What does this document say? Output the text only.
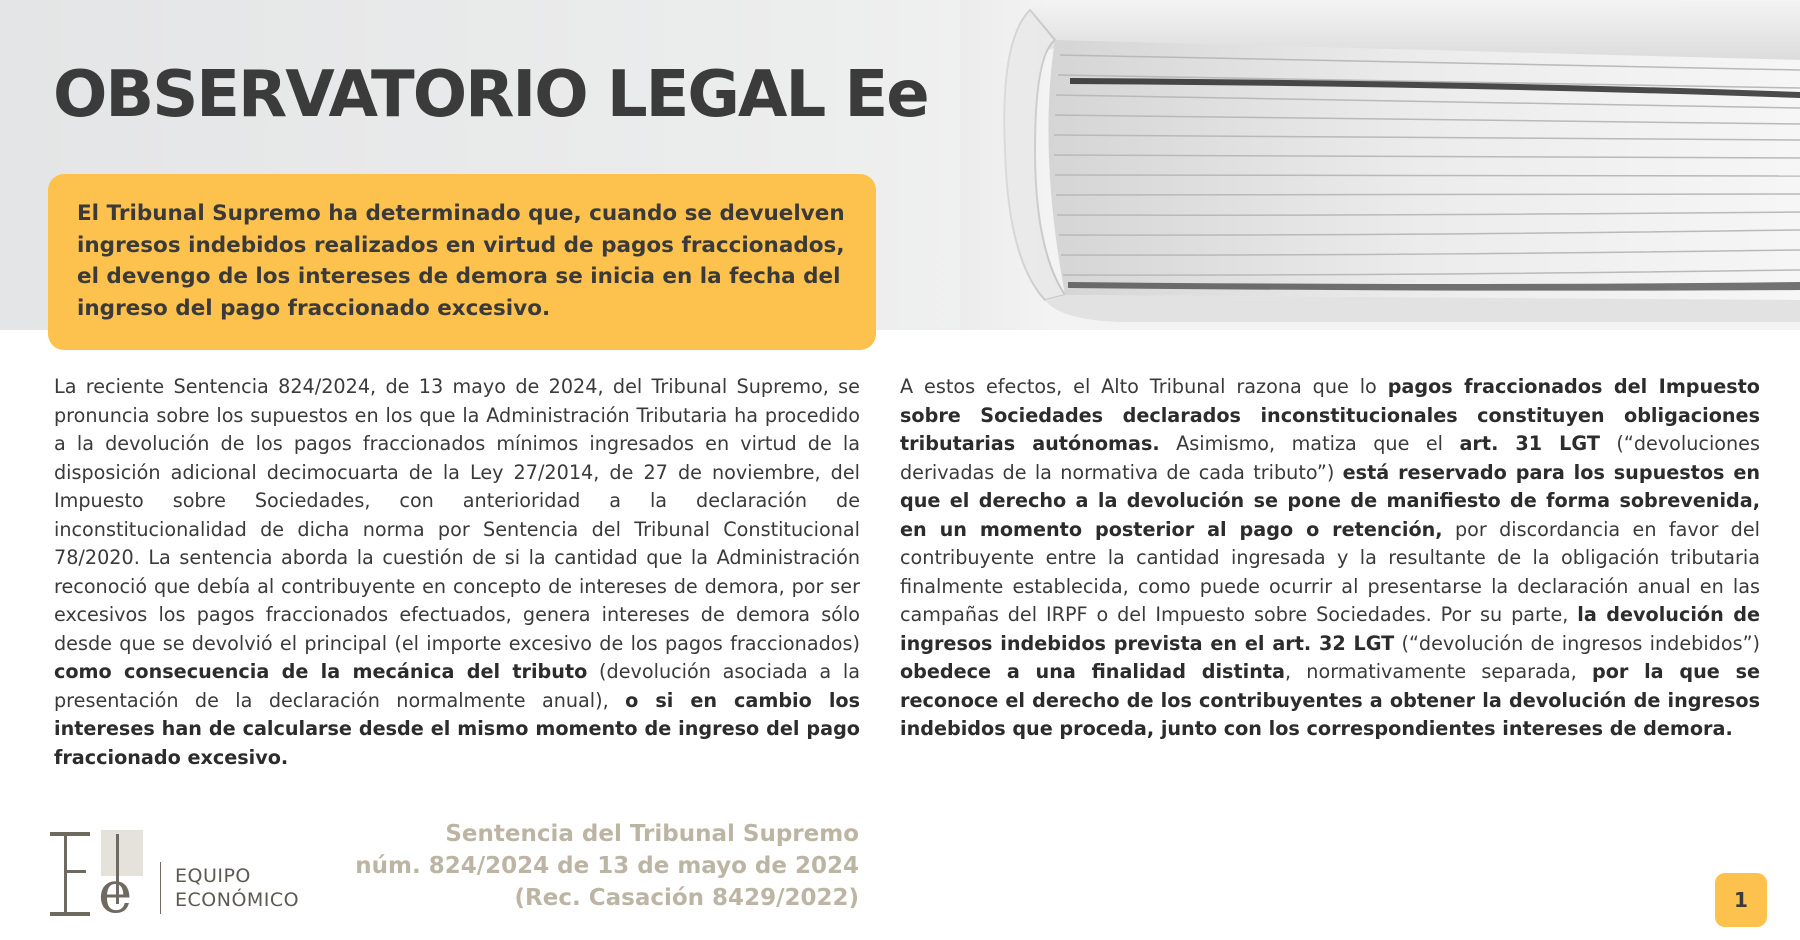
OBSERVATORIO LEGAL Ee

El Tribunal Supremo ha determinado que, cuando se devuelven ingresos indebidos realizados en virtud de pagos fraccionados, el devengo de los intereses de demora se inicia en la fecha del ingreso del pago fraccionado excesivo.

La reciente Sentencia 824/2024, de 13 mayo de 2024, del Tribunal Supremo, se pronuncia sobre los supuestos en los que la Administración Tributaria ha procedido a la devolución de los pagos fraccionados mínimos ingresados en virtud de la disposición adicional decimocuarta de la Ley 27/2014, de 27 de noviembre, del Impuesto sobre Sociedades, con anterioridad a la declaración de inconstitucionalidad de dicha norma por Sentencia del Tribunal Constitucional 78/2020. La sentencia aborda la cuestión de si la cantidad que la Administración reconoció que debía al contribuyente en concepto de intereses de demora, por ser excesivos los pagos fraccionados efectuados, genera intereses de demora sólo desde que se devolvió el principal (el importe excesivo de los pagos fraccionados) como consecuencia de la mecánica del tributo (devolución asociada a la presentación de la declaración normalmente anual), o si en cambio los intereses han de calcularse desde el mismo momento de ingreso del pago fraccionado excesivo.

A estos efectos, el Alto Tribunal razona que lo pagos fraccionados del Impuesto sobre Sociedades declarados inconstitucionales constituyen obligaciones tributarias autónomas. Asimismo, matiza que el art. 31 LGT (“devoluciones derivadas de la normativa de cada tributo”) está reservado para los supuestos en que el derecho a la devolución se pone de manifiesto de forma sobrevenida, en un momento posterior al pago o retención, por discordancia en favor del contribuyente entre la cantidad ingresada y la resultante de la obligación tributaria finalmente establecida, como puede ocurrir al presentarse la declaración anual en las campañas del IRPF o del Impuesto sobre Sociedades. Por su parte, la devolución de ingresos indebidos prevista en el art. 32 LGT (“devolución de ingresos indebidos”) obedece a una finalidad distinta, normativamente separada, por la que se reconoce el derecho de los contribuyentes a obtener la devolución de ingresos indebidos que proceda, junto con los correspondientes intereses de demora.

e EQUIPO
ECONÓMICO
Sentencia del Tribunal Supremo
núm. 824/2024 de 13 de mayo de 2024
(Rec. Casación 8429/2022)	1
